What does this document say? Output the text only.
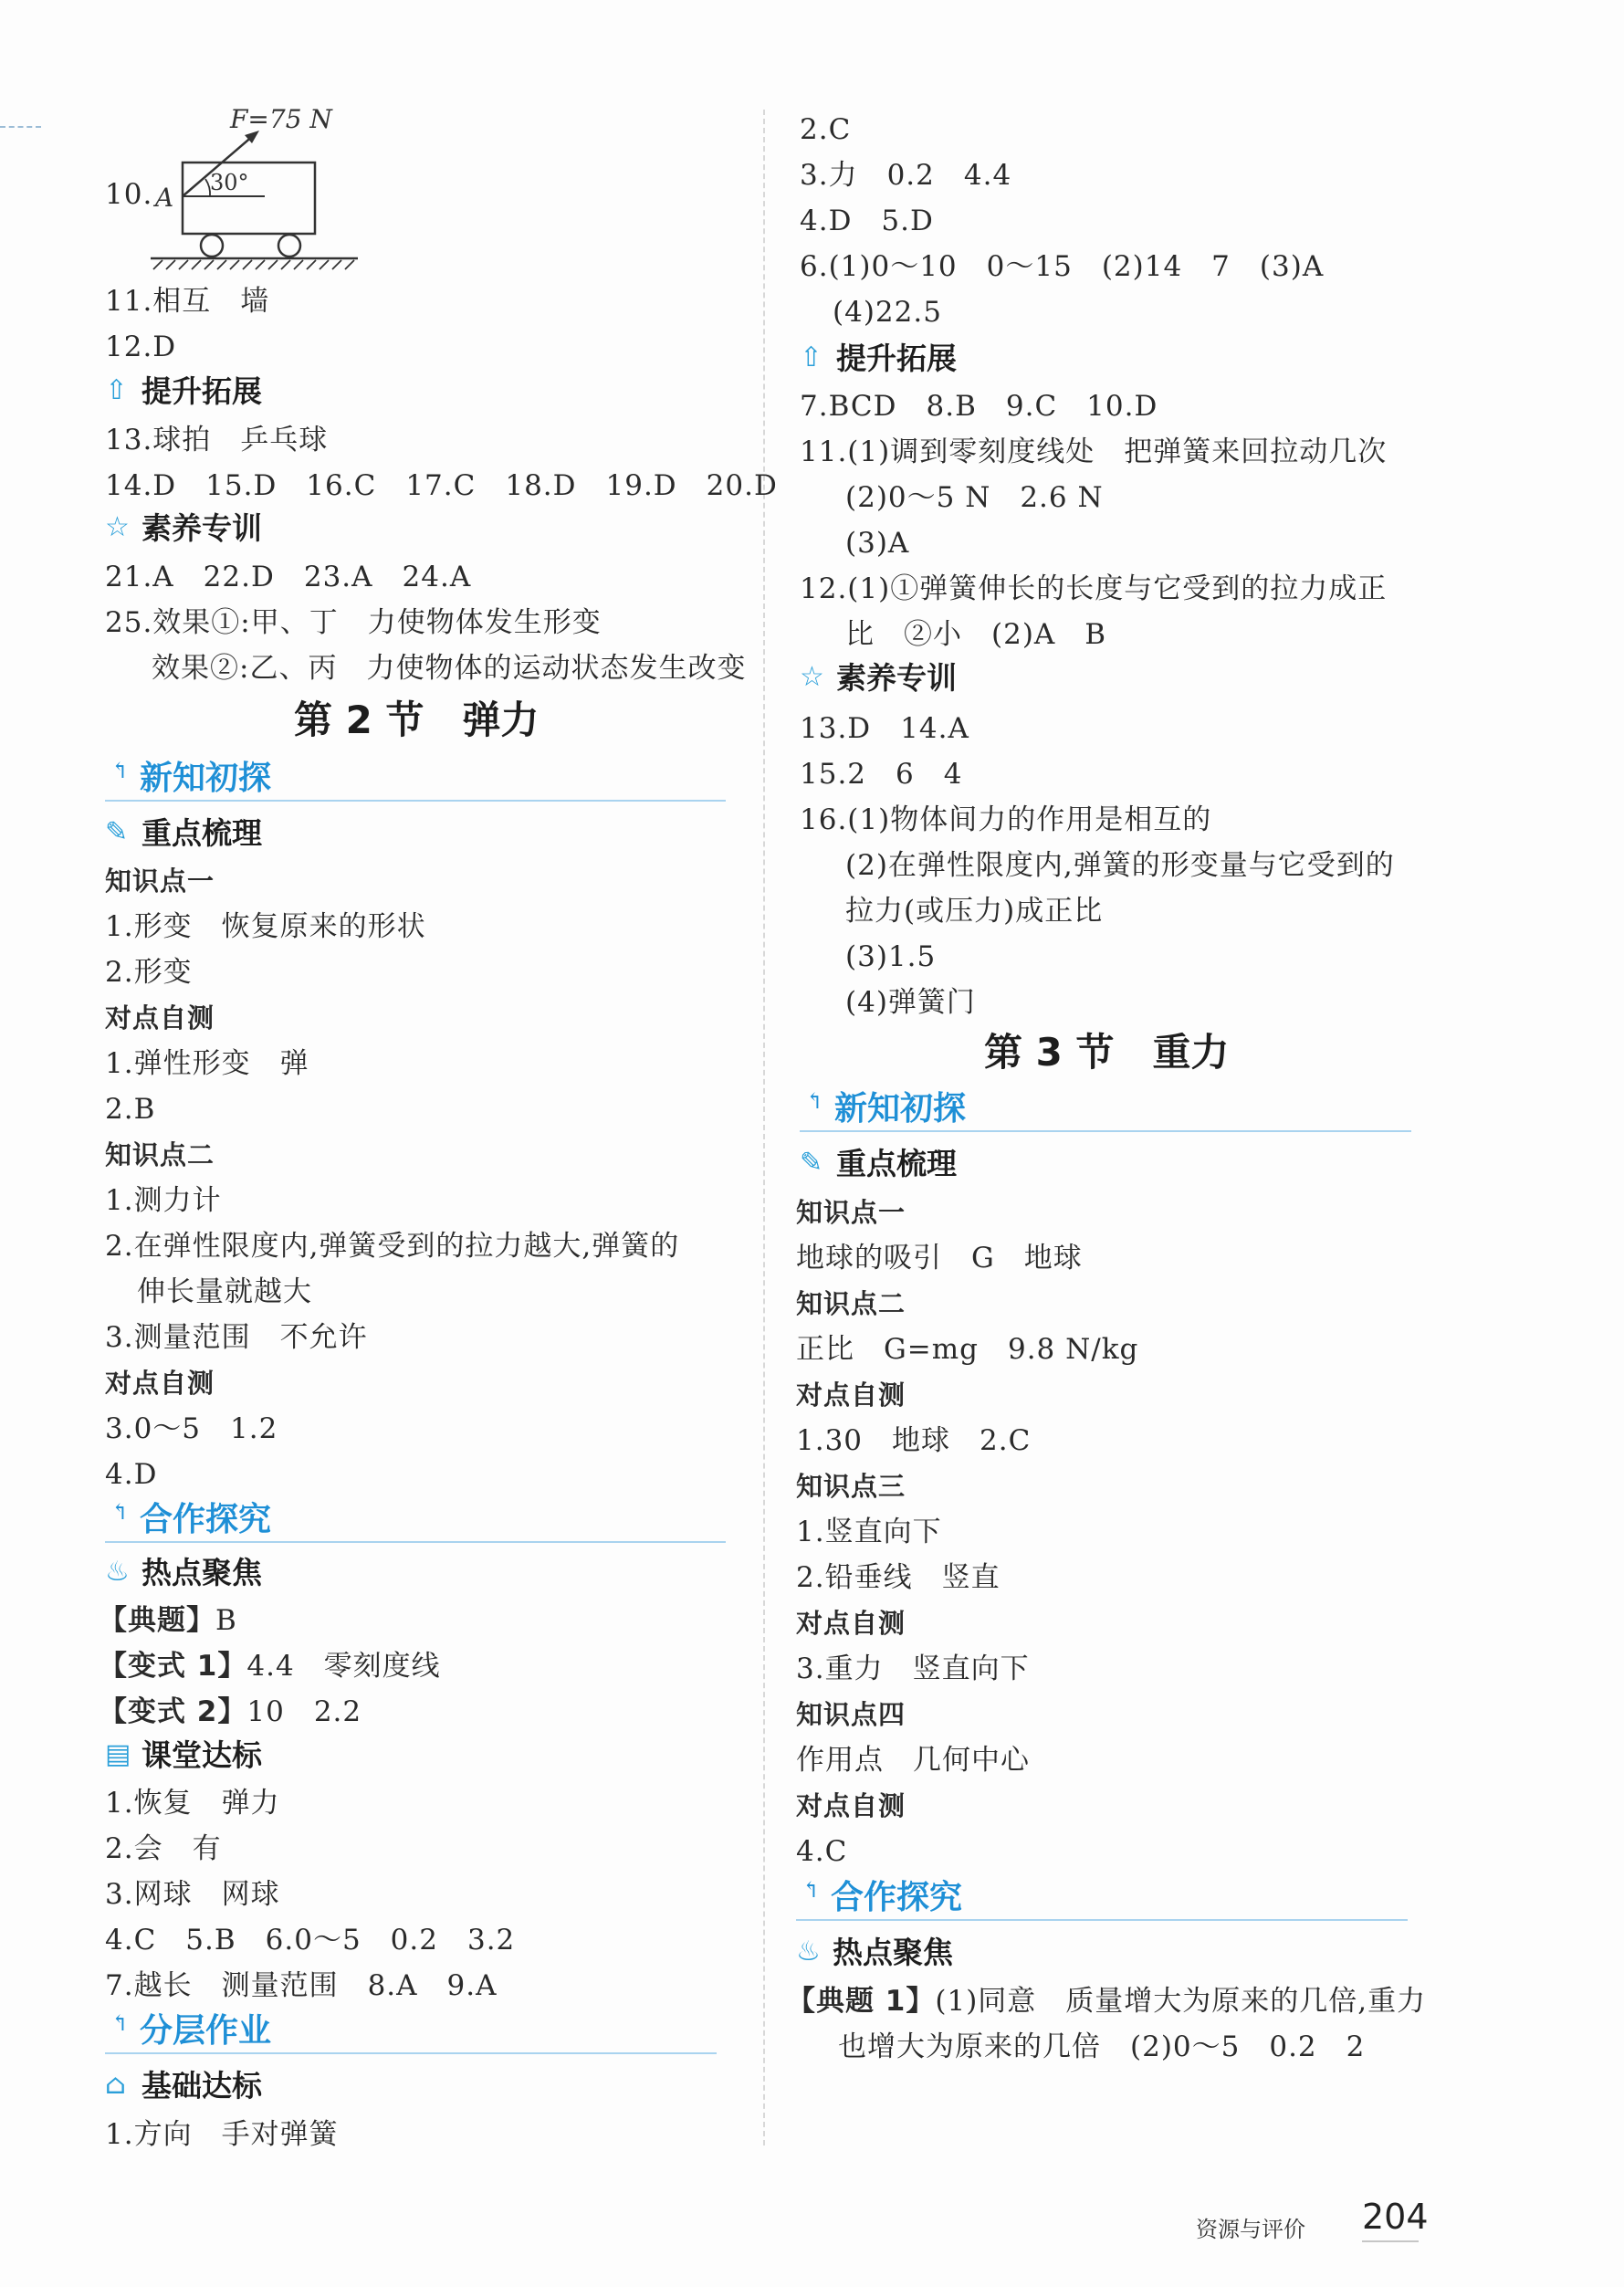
10.	30°
A
F=75 N
11.相互　墙
12.D
⇧ 提升拓展
13.球拍　乒乓球
14.D　15.D　16.C　17.C　18.D　19.D　20.D
☆ 素养专训
21.A　22.D　23.A　24.A
25.效果①:甲、丁　力使物体发生形变
效果②:乙、丙　力使物体的运动状态发生改变
第 2 节　弹力
↰ 新知初探
✎ 重点梳理
知识点一
1.形变　恢复原来的形状
2.形变
对点自测
1.弹性形变　弹
2.B
知识点二
1.测力计
2.在弹性限度内,弹簧受到的拉力越大,弹簧的
伸长量就越大
3.测量范围　不允许
对点自测
3.0～5　1.2
4.D
↰ 合作探究
♨ 热点聚焦
【典题】B
【变式 1】4.4　零刻度线
【变式 2】10　2.2
▤ 课堂达标
1.恢复　弹力
2.会　有
3.网球　网球
4.C　5.B　6.0～5　0.2　3.2
7.越长　测量范围　8.A　9.A
↰ 分层作业
⌂ 基础达标
1.方向　手对弹簧
2.C
3.力　0.2　4.4
4.D　5.D
6.(1)0～10　0～15　(2)14　7　(3)A
(4)22.5
⇧ 提升拓展
7.BCD　8.B　9.C　10.D
11.(1)调到零刻度线处　把弹簧来回拉动几次
(2)0～5 N　2.6 N
(3)A
12.(1)①弹簧伸长的长度与它受到的拉力成正
比　②小　(2)A　B
☆ 素养专训
13.D　14.A
15.2　6　4
16.(1)物体间力的作用是相互的
(2)在弹性限度内,弹簧的形变量与它受到的
拉力(或压力)成正比
(3)1.5
(4)弹簧门
第 3 节　重力
↰ 新知初探
✎ 重点梳理
知识点一
地球的吸引　G　地球
知识点二
正比　G=mg　9.8 N/kg
对点自测
1.30　地球　2.C
知识点三
1.竖直向下
2.铅垂线　竖直
对点自测
3.重力　竖直向下
知识点四
作用点　几何中心
对点自测
4.C
↰ 合作探究
♨ 热点聚焦
【典题 1】(1)同意　质量增大为原来的几倍,重力
也增大为原来的几倍　(2)0～5　0.2　2
资源与评价 204
